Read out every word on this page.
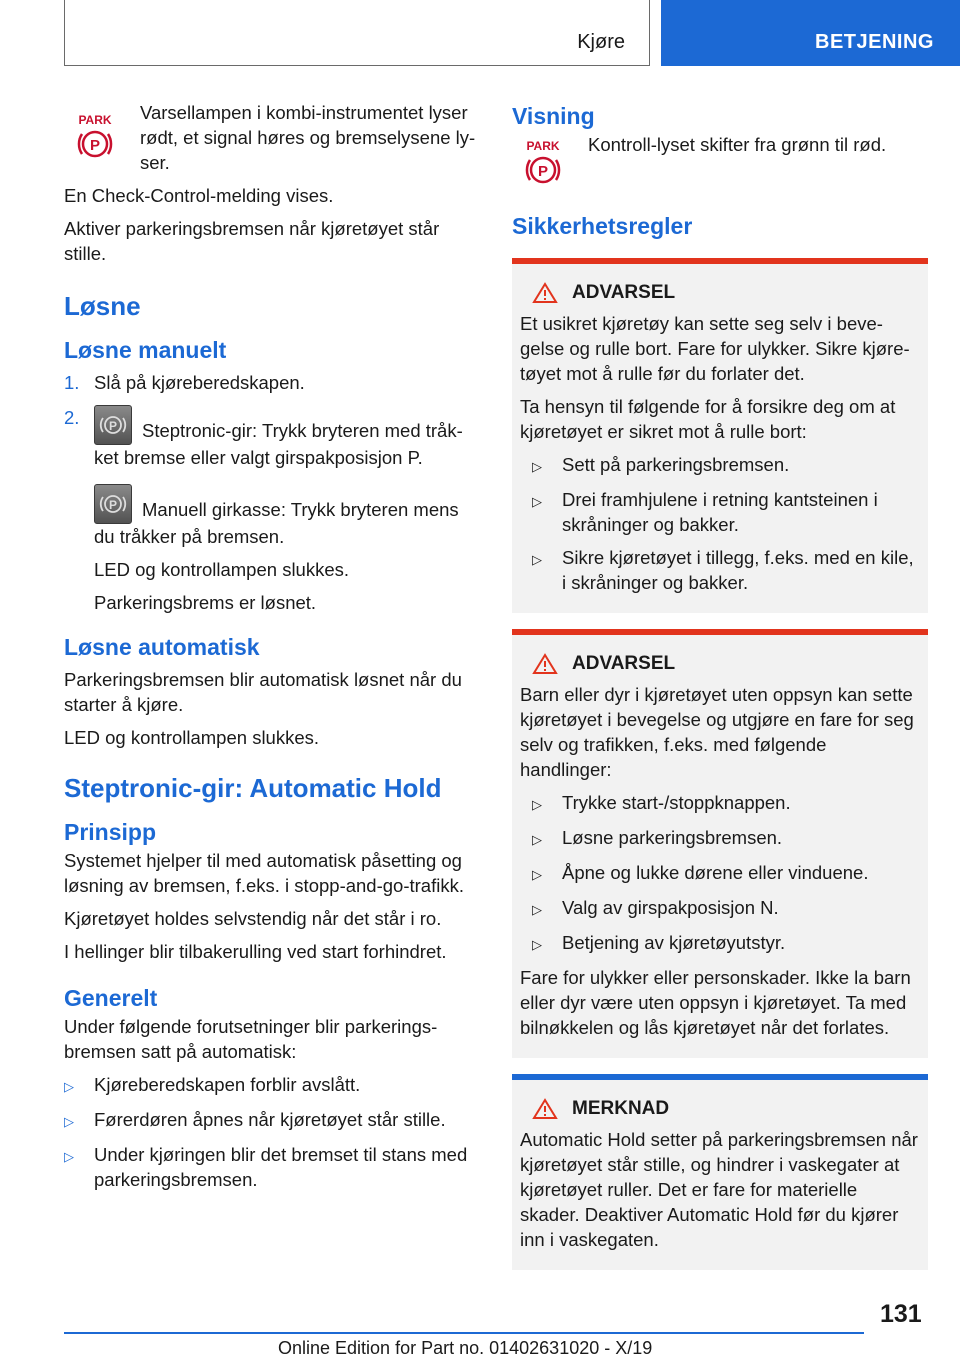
Kjøre	BETJENING
PARK
P
Varsellampen i kombi-instrumentet lyser rødt, et signal høres og bremselysene lyser.

En Check-Control-melding vises.

Aktiver parkeringsbremsen når kjøretøyet står stille.

Løsne
Løsne manuelt
1. Slå på kjørеberedskapen.
2.	P Steptronic-gir: Trykk bryteren med tråkket bremse eller valgt girspakposisjon P.

P Manuell girkasse: Trykk bryteren mens du tråkker på bremsen.

LED og kontrollampen slukkes.

Parkeringsbrems er løsnet.

Løsne automatisk

Parkeringsbremsen blir automatisk løsnet når du starter å kjøre.

LED og kontrollampen slukkes.

Steptronic-gir: Automatic Hold
Prinsipp

Systemet hjelper til med automatisk påsetting og løsning av bremsen, f.eks. i stopp-and-go-trafikk.

Kjøretøyet holdes selvstendig når det står i ro.

I hellinger blir tilbakerulling ved start forhindret.

Generelt

Under følgende forutsetninger blir parkeringsbremsen satt på automatisk:

▷	Kjøreberedskapen forblir avslått.
▷	Førerdøren åpnes når kjøretøyet står stille.
▷	Under kjøringen blir det bremset til stans med parkeringsbremsen.
Visning
PARK
P
Kontroll-lyset skifter fra grønn til rød.
Sikkerhetsregler
ADVARSEL

Et usikret kjøretøy kan sette seg selv i bevegelse og rulle bort. Fare for ulykker. Sikre kjøretøyet mot å rulle før du forlater det.

Ta hensyn til følgende for å forsikre deg om at kjøretøyet er sikret mot å rulle bort:

▷	Sett på parkeringsbremsen.
▷	Drei framhjulene i retning kantsteinen i skråninger og bakker.
▷	Sikre kjøretøyet i tillegg, f.eks. med en kile, i skråninger og bakker.
ADVARSEL

Barn eller dyr i kjøretøyet uten oppsyn kan sette kjøretøyet i bevegelse og utgjøre en fare for seg selv og trafikken, f.eks. med følgende handlinger:

▷	Trykke start-/stoppknappen.
▷	Løsne parkeringsbremsen.
▷	Åpne og lukke dørene eller vinduene.
▷	Valg av girspakposisjon N.
▷	Betjening av kjøretøyutstyr.

Fare for ulykker eller personskader. Ikke la barn eller dyr være uten oppsyn i kjøretøyet. Ta med bilnøkkelen og lås kjøretøyet når det forlates.

MERKNAD

Automatic Hold setter på parkeringsbremsen når kjøretøyet står stille, og hindrer i vaskegater at kjøretøyet ruller. Det er fare for materielle skader. Deaktiver Automatic Hold før du kjører inn i vaskegaten.

131
Online Edition for Part no. 01402631020 - X/19
